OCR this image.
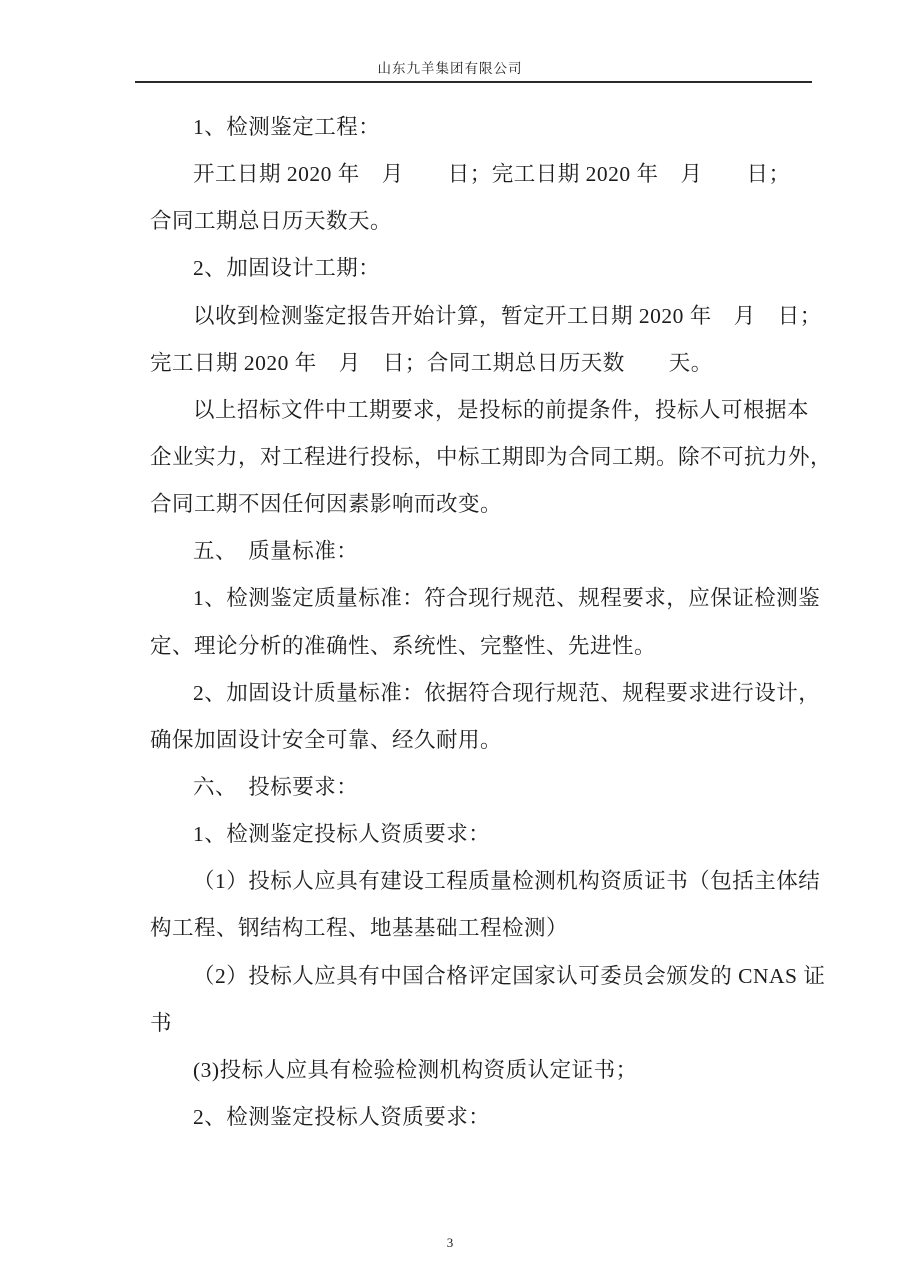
山东九羊集团有限公司
1、检测鉴定工程：
开工日期 2020 年　月　　日；完工日期 2020 年　月　　日；
合同工期总日历天数天。
2、加固设计工期：
以收到检测鉴定报告开始计算，暂定开工日期 2020 年　月　日；
完工日期 2020 年　月　日；合同工期总日历天数　　天。
以上招标文件中工期要求，是投标的前提条件，投标人可根据本
企业实力，对工程进行投标，中标工期即为合同工期。除不可抗力外，
合同工期不因任何因素影响而改变。
五、　质量标准：
1、检测鉴定质量标准：符合现行规范、规程要求，应保证检测鉴
定、理论分析的准确性、系统性、完整性、先进性。
2、加固设计质量标准：依据符合现行规范、规程要求进行设计，
确保加固设计安全可靠、经久耐用。
六、　投标要求：
1、检测鉴定投标人资质要求：
（1）投标人应具有建设工程质量检测机构资质证书（包括主体结
构工程、钢结构工程、地基基础工程检测）
（2）投标人应具有中国合格评定国家认可委员会颁发的 CNAS 证
书
(3)投标人应具有检验检测机构资质认定证书；
2、检测鉴定投标人资质要求：
3
